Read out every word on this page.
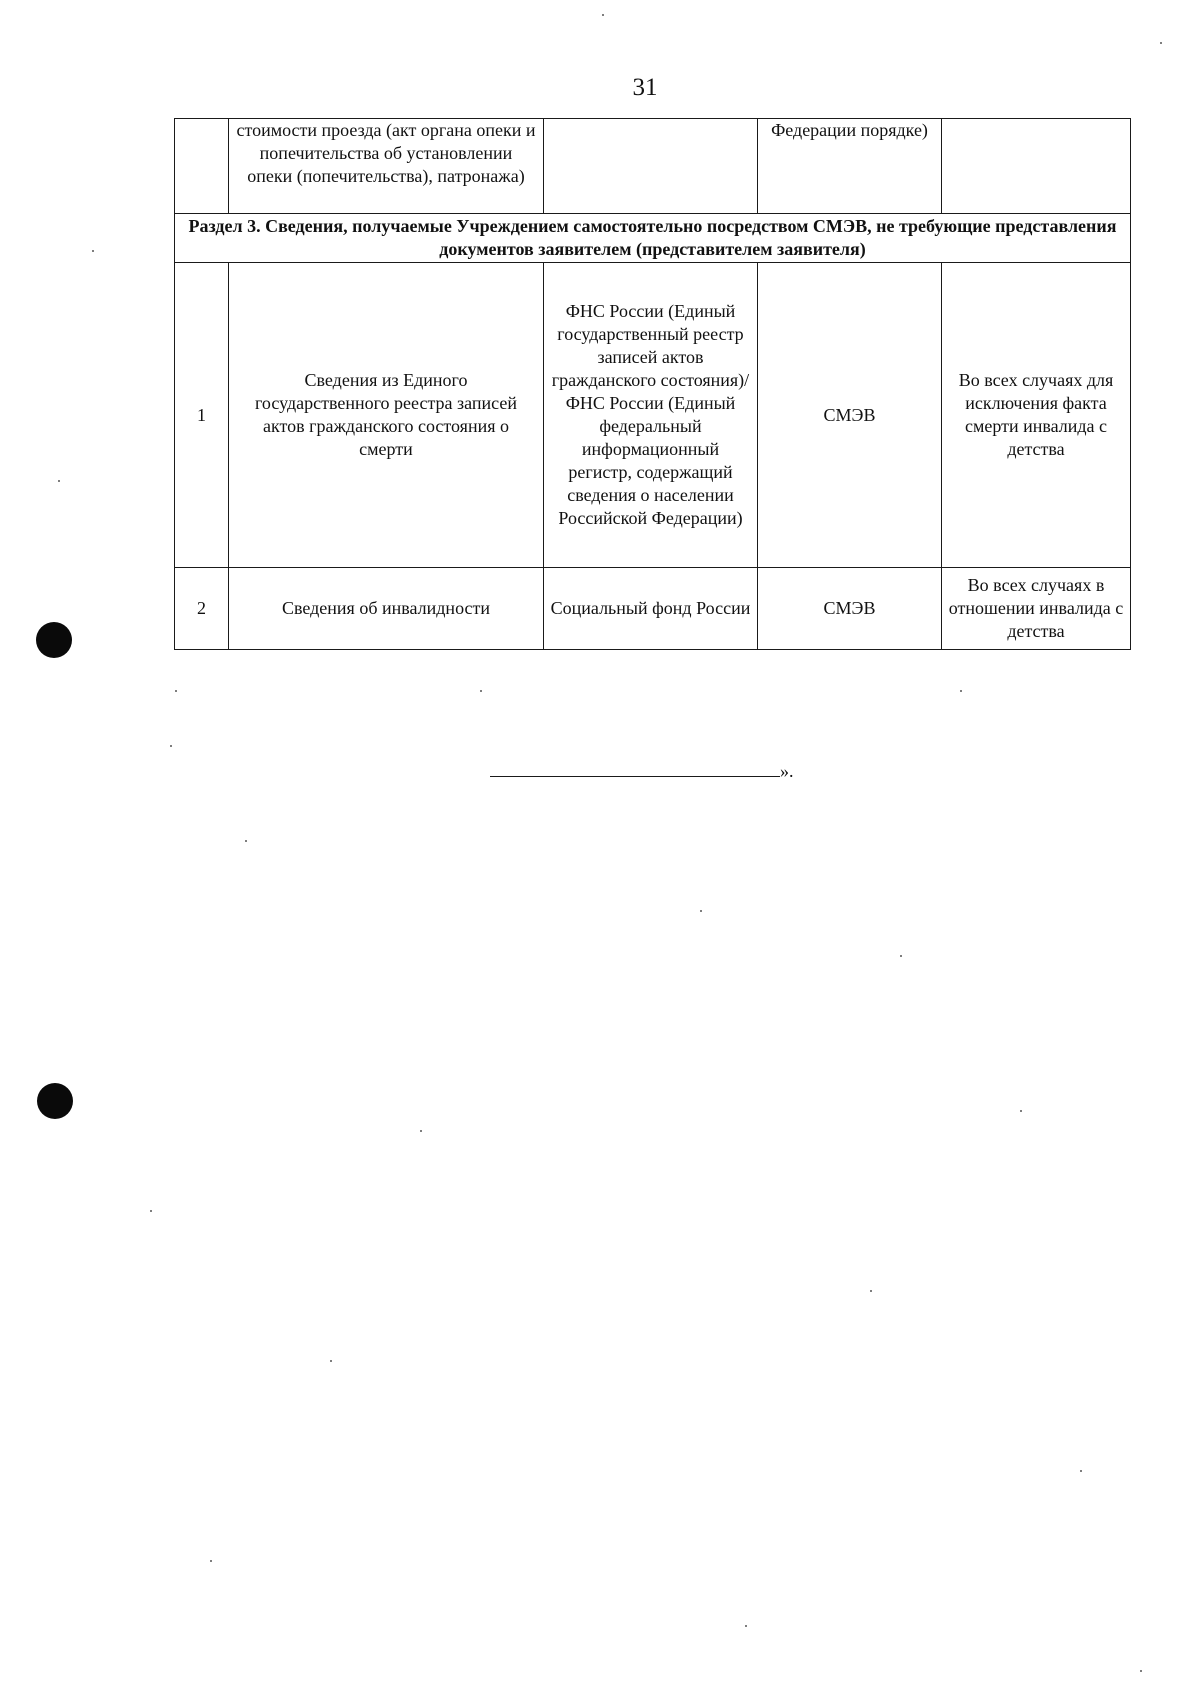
31
	стоимости проезда (акт органа опеки и попечительства об установлении опеки (попечительства), патронажа)		Федерации порядке)	
Раздел 3. Сведения, получаемые Учреждением самостоятельно посредством СМЭВ, не требующие представления документов заявителем (представителем заявителя)				
1	Сведения из Единого государственного реестра записей актов гражданского состояния о смерти	ФНС России (Единый государственный реестр записей актов гражданского состояния)/ФНС России (Единый федеральный информационный регистр, содержащий сведения о населении Российской Федерации)	СМЭВ	Во всех случаях для исключения факта смерти инвалида с детства
2	Сведения об инвалидности	Социальный фонд России	СМЭВ	Во всех случаях в отношении инвалида с детства
».
